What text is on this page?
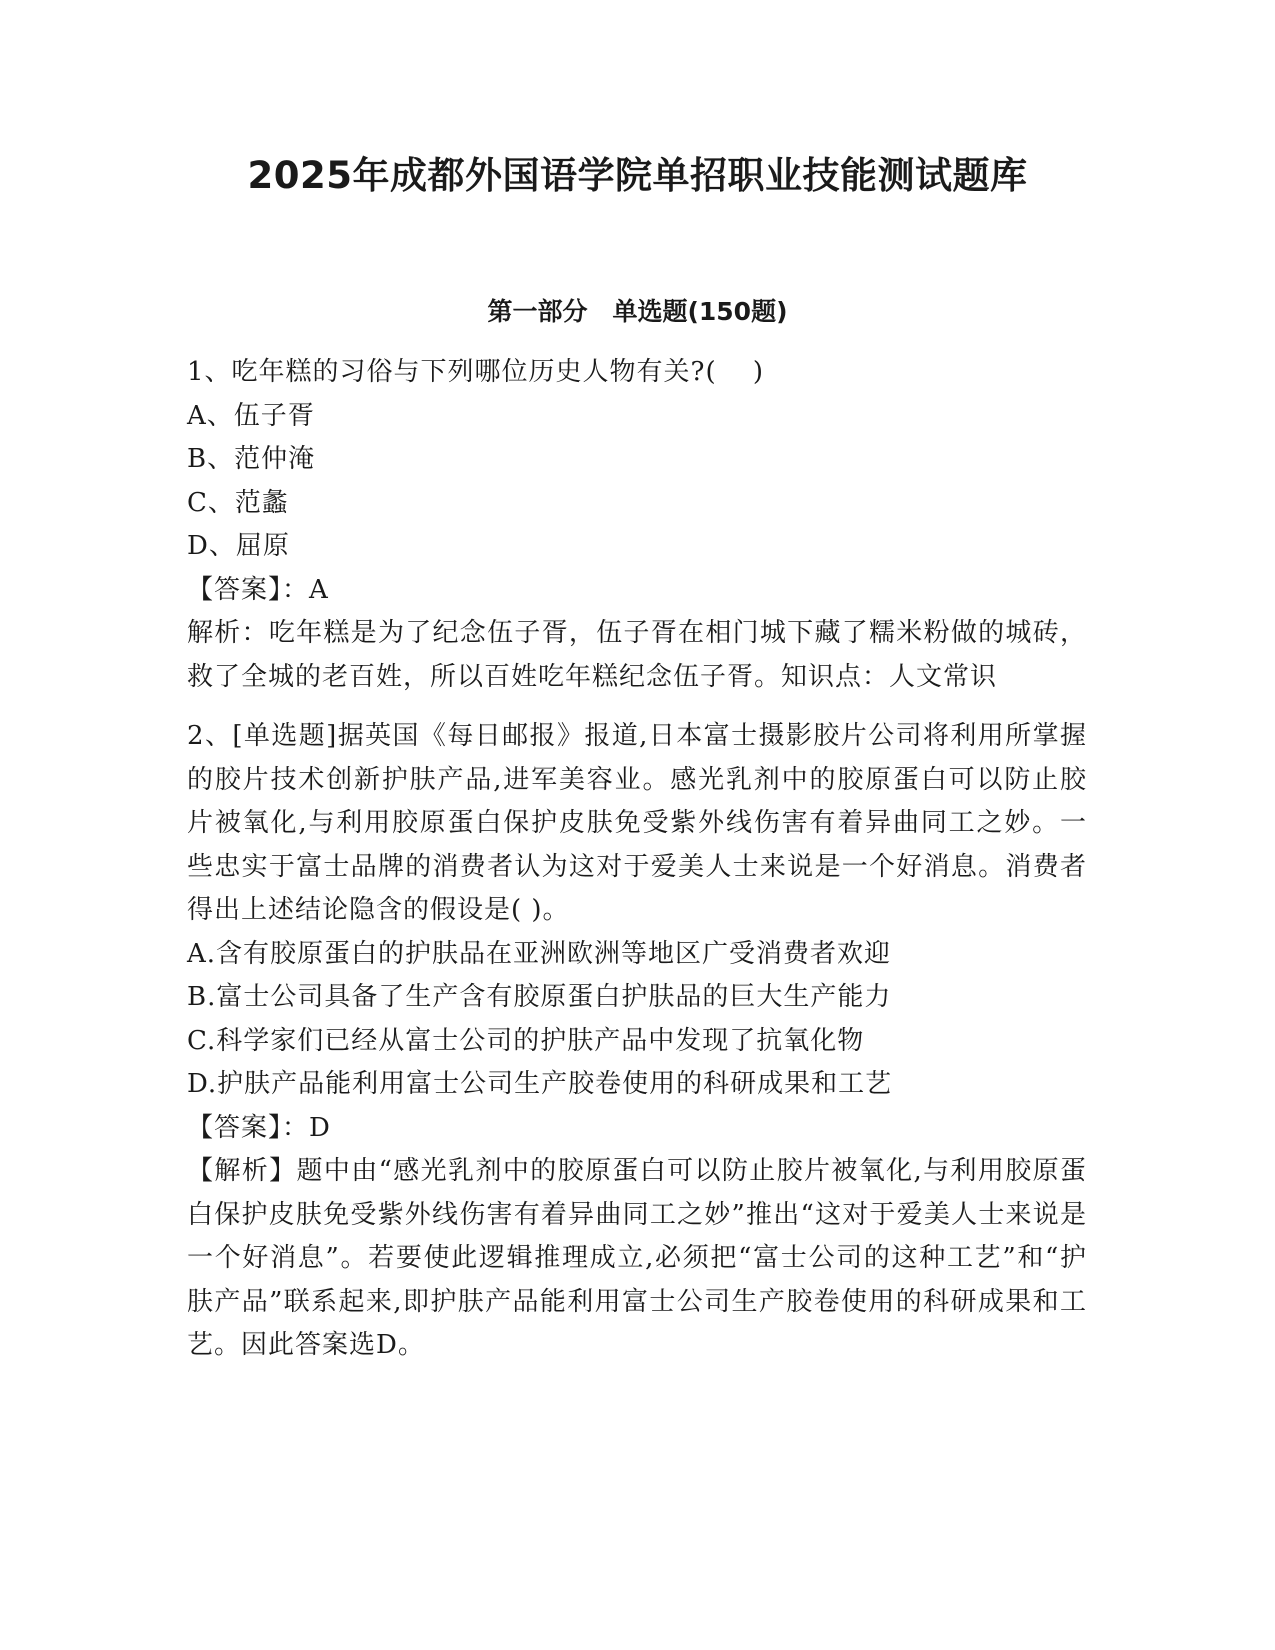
2025年成都外国语学院单招职业技能测试题库
第一部分　单选题(150题)
1、吃年糕的习俗与下列哪位历史人物有关?(　 )
A、伍子胥
B、范仲淹
C、范蠡
D、屈原
【答案】：A
解析：吃年糕是为了纪念伍子胥，伍子胥在相门城下藏了糯米粉做的城砖，救了全城的老百姓，所以百姓吃年糕纪念伍子胥。知识点：人文常识
2、[单选题]据英国《每日邮报》报道,日本富士摄影胶片公司将利用所掌握的胶片技术创新护肤产品,进军美容业。感光乳剂中的胶原蛋白可以防止胶片被氧化,与利用胶原蛋白保护皮肤免受紫外线伤害有着异曲同工之妙。一些忠实于富士品牌的消费者认为这对于爱美人士来说是一个好消息。消费者得出上述结论隐含的假设是( )。
A.含有胶原蛋白的护肤品在亚洲欧洲等地区广受消费者欢迎
B.富士公司具备了生产含有胶原蛋白护肤品的巨大生产能力
C.科学家们已经从富士公司的护肤产品中发现了抗氧化物
D.护肤产品能利用富士公司生产胶卷使用的科研成果和工艺
【答案】：D
【解析】题中由“感光乳剂中的胶原蛋白可以防止胶片被氧化,与利用胶原蛋白保护皮肤免受紫外线伤害有着异曲同工之妙”推出“这对于爱美人士来说是一个好消息”。若要使此逻辑推理成立,必须把“富士公司的这种工艺”和“护肤产品”联系起来,即护肤产品能利用富士公司生产胶卷使用的科研成果和工艺。因此答案选D。
